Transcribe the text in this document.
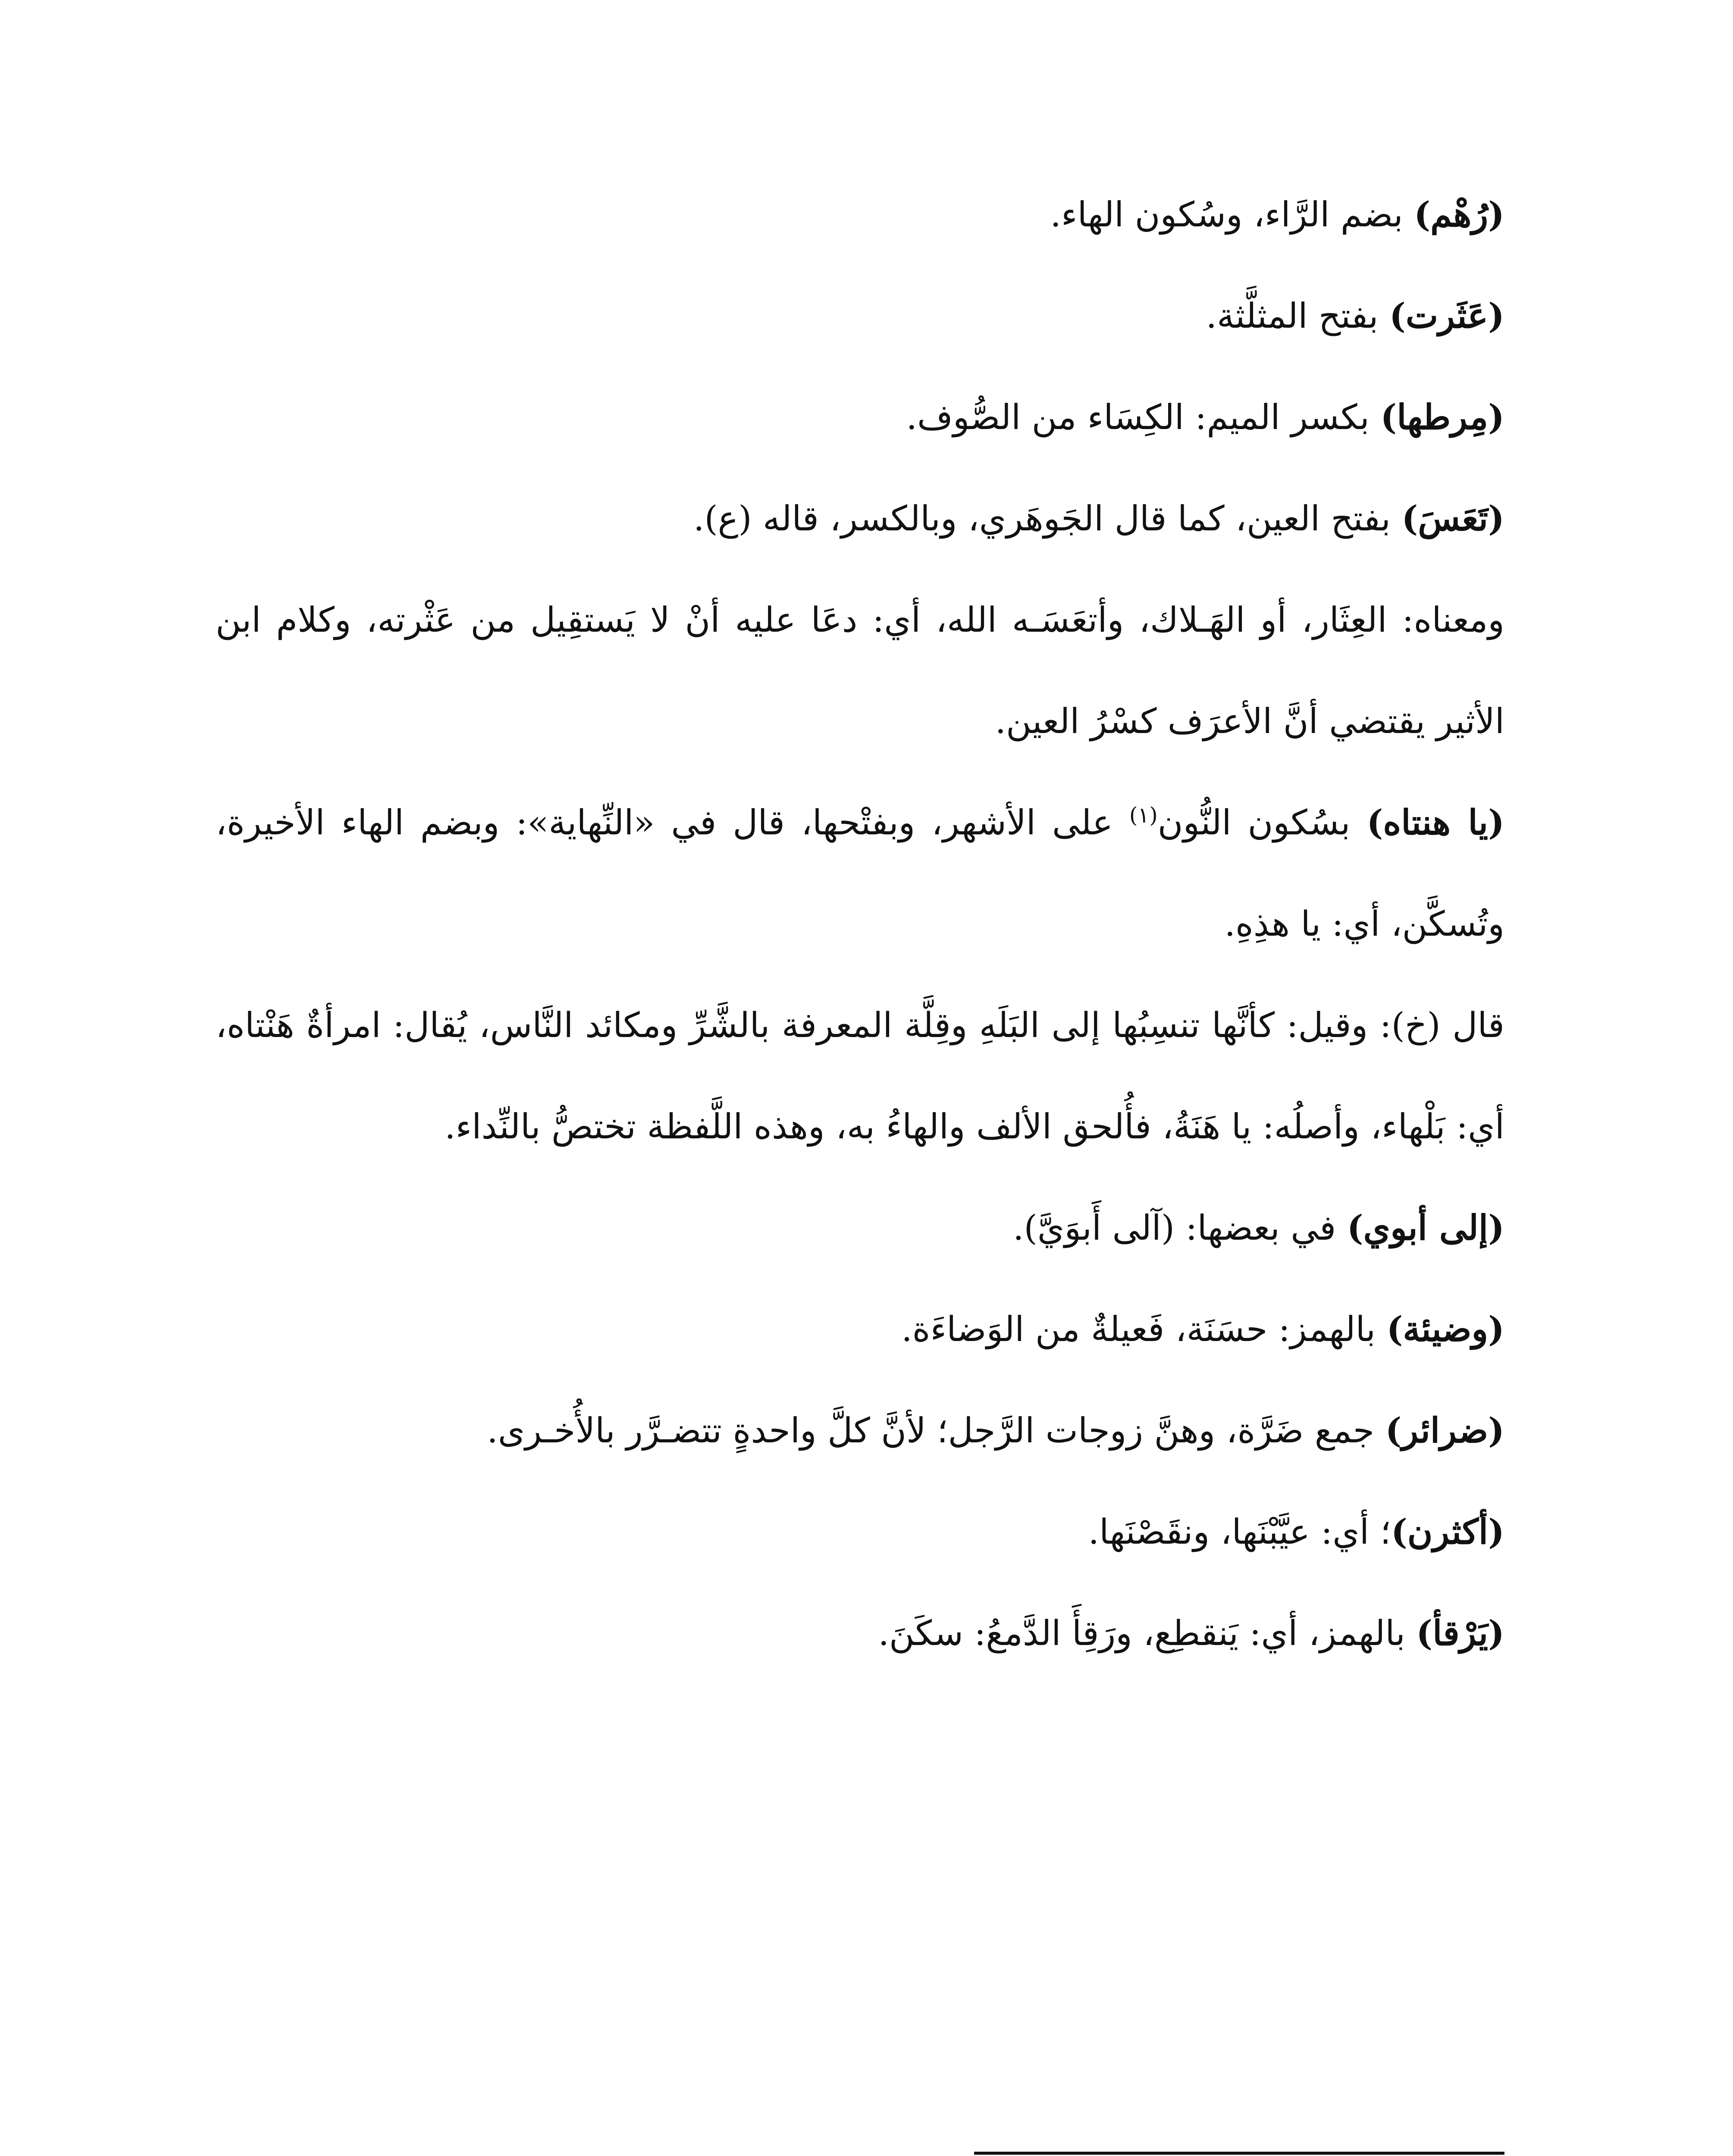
(رُهْم) بضم الرَّاء، وسُكون الهاء.

(عَثَرت) بفتح المثلَّثة.

(مِرطها) بكسر الميم: الكِسَاء من الصُّوف.

(تَعَسَ) بفتح العين، كما قال الجَوهَري، وبالكسر، قاله (ع).

ومعناه: العِثَار، أو الهَـلاك، وأتعَسَـه الله، أي: دعَا عليه أنْ لا يَستقِيل من عَثْرته، وكلام ابن الأثير يقتضي أنَّ الأعرَف كسْرُ العين.

(يا هنتاه) بسُكون النُّون$^{(١)}$ على الأشهر، وبفتْحها، قال في «النِّهاية»: وبضم الهاء الأخيرة، وتُسكَّن، أي: يا هذِهِ.

قال (خ): وقيل: كأنَّها تنسِبُها إلى البَلَهِ وقِلَّة المعرفة بالشَّرِّ ومكائد النَّاس، يُقال: امرأةٌ هَنْتاه، أي: بَلْهاء، وأصلُه: يا هَنَةُ، فأُلحق الألف والهاءُ به، وهذه اللَّفظة تختصُّ بالنِّداء.

(إلى أبوي) في بعضها: (آلى أَبوَيَّ).

(وضيئة) بالهمز: حسَنَة، فَعيلةٌ من الوَضاءَة.

(ضرائر) جمع ضَرَّة، وهنَّ زوجات الرَّجل؛ لأنَّ كلَّ واحدةٍ تتضـرَّر بالأُخـرى.

(أكثرن)؛ أي: عيَّبْنَها، ونقَصْنَها.

(يَرْقأ) بالهمز، أي: يَنقطِع، ورَقِأَ الدَّمعُ: سكَنَ.
